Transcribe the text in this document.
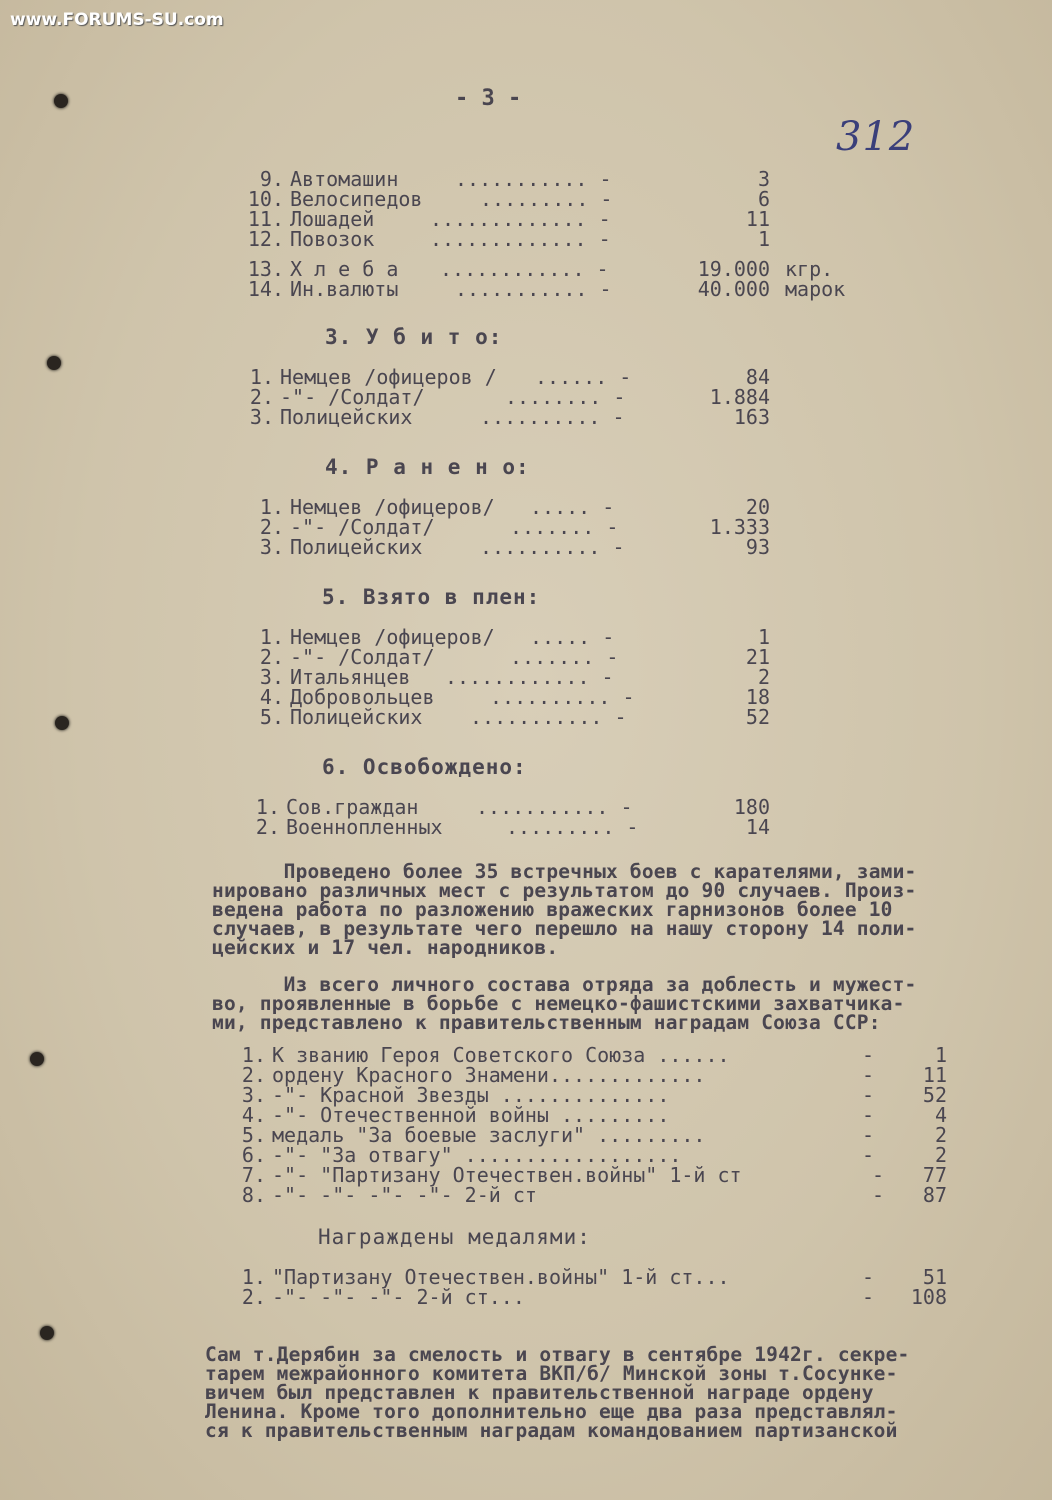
www.FORUMS-SU.com
- 3 -
312
9. Автомашин	........... -	3
10. Велосипедов	......... -	6
11. Лошадей	............. -	11
12. Повозок	............. -	1
13. Х л е б а ............ -	19.000 кгр.
14. Ин.валюты	........... -	40.000 марок
3. У б и т о:
1. Немцев /офицеров / ...... -	84
2. -"- /Солдат/	........ -	1.884
3. Полицейских	.......... -	163
4. Р а н е н о:
1. Немцев /офицеров/ ..... -	20
2. -"- /Солдат/	....... -	1.333
3. Полицейских	.......... -	93
5. Взято в плен:
1. Немцев /офицеров/ ..... -	1
2. -"- /Солдат/	....... -	21
3. Итальянцев ............ -	2
4. Добровольцев	.......... -	18
5. Полицейских ........... -	52
6. Освобождено:
1. Сов.граждан	........... -	180
2. Военнопленных	......... -	14
Проведено более 35 встречных боев с карателями, зами-
нировано различных мест с результатом до 90 случаев. Произ-
ведена работа по разложению вражеских гарнизонов более 10
случаев, в результате чего перешло на нашу сторону 14 поли-
цейских и 17 чел. народников.
Из всего личного состава отряда за доблесть и мужест-
во, проявленные в борьбе с немецко-фашистскими захватчика-
ми, представлено к правительственным наградам Союза ССР:
1. К званию Героя Советского Союза ......	-	1
2. ордену Красного Знамени.............	-	11
3. -"- Красной Звезды ..............	-	52
4. -"- Отечественной войны .........	-	4
5. медаль "За боевые заслуги" .........	-	2
6. -"- "За отвагу" ..................	-	2
7. -"- "Партизану Отечествен.войны" 1-й ст	-	77
8. -"- -"- -"- -"- 2-й ст	-	87
Награждены медалями:
1. "Партизану Отечествен.войны" 1-й ст...	-	51
2. -"- -"- -"- 2-й ст...	-	108
Сам т.Дерябин за смелость и отвагу в сентябре 1942г. секре-
тарем межрайонного комитета ВКП/б/ Минской зоны т.Сосунке-
вичем был представлен к правительственной награде ордену
Ленина. Кроме того дополнительно еще два раза представлял-
ся к правительственным наградам командованием партизанской
